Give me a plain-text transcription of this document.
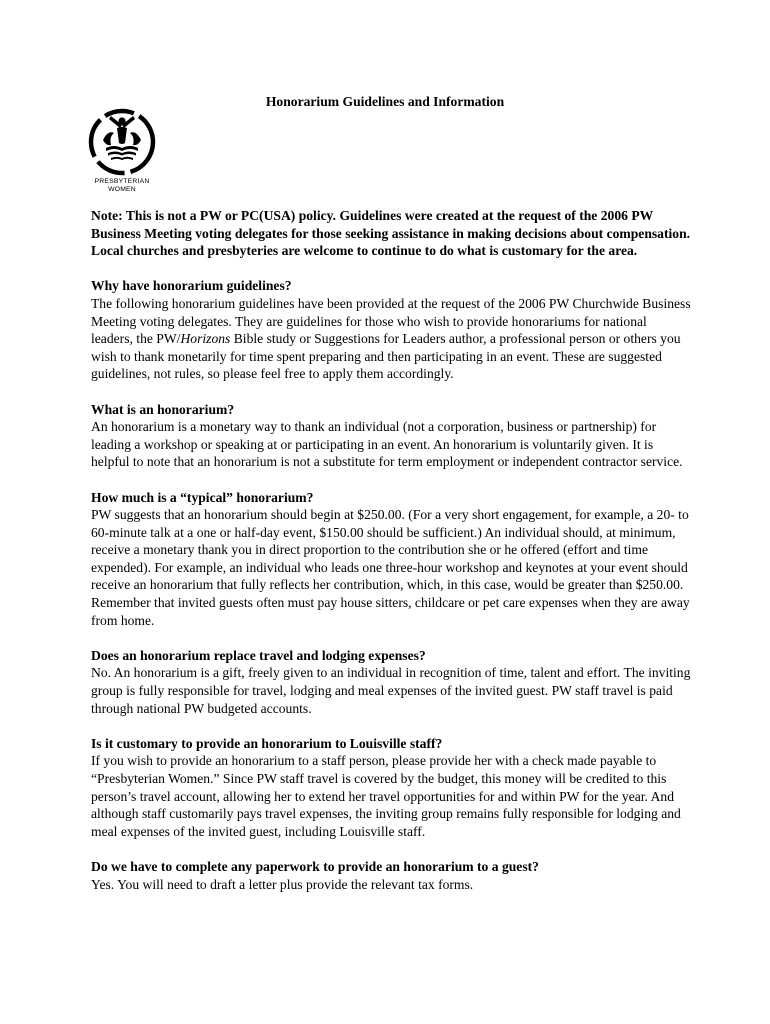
Honorarium Guidelines and Information
PRESBYTERIAN
WOMEN

Note: This is not a PW or PC(USA) policy. Guidelines were created at the request of the 2006 PW Business Meeting voting delegates for those seeking assistance in making decisions about compensation. Local churches and presbyteries are welcome to continue to do what is customary for the area.

Why have honorarium guidelines?
The following honorarium guidelines have been provided at the request of the 2006 PW Churchwide Business Meeting voting delegates. They are guidelines for those who wish to provide honorariums for national leaders, the PW/Horizons Bible study or Suggestions for Leaders author, a professional person or others you wish to thank monetarily for time spent preparing and then participating in an event. These are suggested guidelines, not rules, so please feel free to apply them accordingly.
What is an honorarium?
An honorarium is a monetary way to thank an individual (not a corporation, business or partnership) for leading a workshop or speaking at or participating in an event. An honorarium is voluntarily given. It is helpful to note that an honorarium is not a substitute for term employment or independent contractor service.
How much is a “typical” honorarium?
PW suggests that an honorarium should begin at $250.00. (For a very short engagement, for example, a 20- to 60-minute talk at a one or half-day event, $150.00 should be sufficient.) An individual should, at minimum, receive a monetary thank you in direct proportion to the contribution she or he offered (effort and time expended). For example, an individual who leads one three-hour workshop and keynotes at your event should receive an honorarium that fully reflects her contribution, which, in this case, would be greater than $250.00. Remember that invited guests often must pay house sitters, childcare or pet care expenses when they are away from home.
Does an honorarium replace travel and lodging expenses?
No. An honorarium is a gift, freely given to an individual in recognition of time, talent and effort. The inviting group is fully responsible for travel, lodging and meal expenses of the invited guest. PW staff travel is paid through national PW budgeted accounts.
Is it customary to provide an honorarium to Louisville staff?
If you wish to provide an honorarium to a staff person, please provide her with a check made payable to “Presbyterian Women.” Since PW staff travel is covered by the budget, this money will be credited to this person’s travel account, allowing her to extend her travel opportunities for and within PW for the year. And although staff customarily pays travel expenses, the inviting group remains fully responsible for lodging and meal expenses of the invited guest, including Louisville staff.
Do we have to complete any paperwork to provide an honorarium to a guest?
Yes. You will need to draft a letter plus provide the relevant tax forms.
